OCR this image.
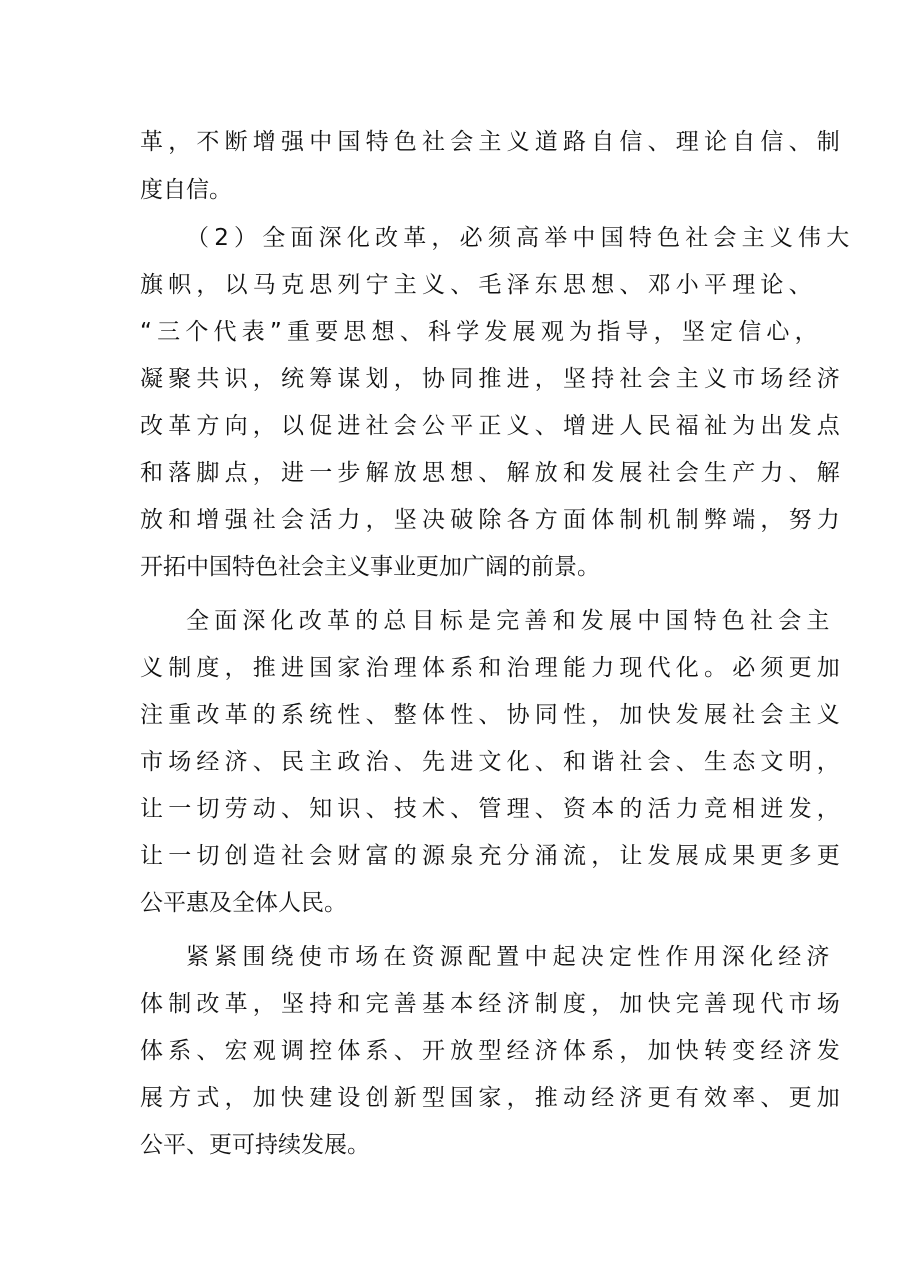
革，不断增强中国特色社会主义道路自信、理论自信、制
度自信。
（2）全面深化改革，必须高举中国特色社会主义伟大
旗帜，以马克思列宁主义、毛泽东思想、邓小平理论、
“三个代表”重要思想、科学发展观为指导，坚定信心，
凝聚共识，统筹谋划，协同推进，坚持社会主义市场经济
改革方向，以促进社会公平正义、增进人民福祉为出发点
和落脚点，进一步解放思想、解放和发展社会生产力、解
放和增强社会活力，坚决破除各方面体制机制弊端，努力
开拓中国特色社会主义事业更加广阔的前景。
全面深化改革的总目标是完善和发展中国特色社会主
义制度，推进国家治理体系和治理能力现代化。必须更加
注重改革的系统性、整体性、协同性，加快发展社会主义
市场经济、民主政治、先进文化、和谐社会、生态文明，
让一切劳动、知识、技术、管理、资本的活力竞相迸发，
让一切创造社会财富的源泉充分涌流，让发展成果更多更
公平惠及全体人民。
紧紧围绕使市场在资源配置中起决定性作用深化经济
体制改革，坚持和完善基本经济制度，加快完善现代市场
体系、宏观调控体系、开放型经济体系，加快转变经济发
展方式，加快建设创新型国家，推动经济更有效率、更加
公平、更可持续发展。
